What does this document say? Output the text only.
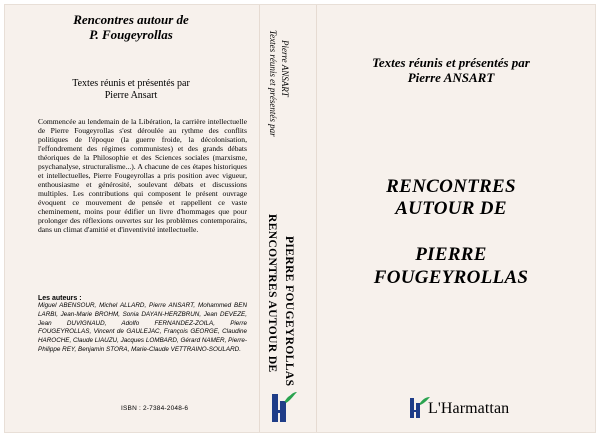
Rencontres autour de
P. Fougeyrollas
Textes réunis et présentés par
Pierre Ansart

Commencée au lendemain de la Libération, la carrière intellectuelle de Pierre Fougeyrollas s'est déroulée au rythme des conflits politiques de l'époque (la guerre froide, la décolonisation, l'effondrement des régimes communistes) et des grands débats théoriques de la Philosophie et des Sciences sociales (marxisme, psychanalyse, structuralisme...). A chacune de ces étapes historiques et intellectuelles, Pierre Fougeyrollas a pris position avec vigueur, enthousiasme et générosité, soulevant débats et discussions multiples. Les contributions qui composent le présent ouvrage évoquent ce mouvement de pensée et rappellent ce vaste cheminement, moins pour édifier un livre d'hommages que pour prolonger des réflexions ouvertes sur les problèmes contemporains, dans un climat d'amitié et d'inventivité intellectuelle.

Les auteurs :

Miguel ABENSOUR, Michel ALLARD, Pierre ANSART, Mohammed BEN LARBI, Jean-Marie BROHM, Sonia DAYAN-HERZBRUN, Jean DEVEZE, Jean DUVIGNAUD, Adolfo FERNANDEZ-ZOILA, Pierre FOUGEYROLLAS, Vincent de GAULEJAC, François GEORGE, Claudine HAROCHE, Claude LIAUZU, Jacques LOMBARD, Gérard NAMER, Pierre-Philippe REY, Benjamin STORA, Marie-Claude VETTRAINO-SOULARD.

ISBN : 2-7384-2048-6
Textes réunis et présentés par Pierre ANSART
RENCONTRES AUTOUR DE PIERRE FOUGEYROLLAS
Textes réunis et présentés par
Pierre ANSART
RENCONTRES
AUTOUR DE
PIERRE
FOUGEYROLLAS
L'Harmattan
